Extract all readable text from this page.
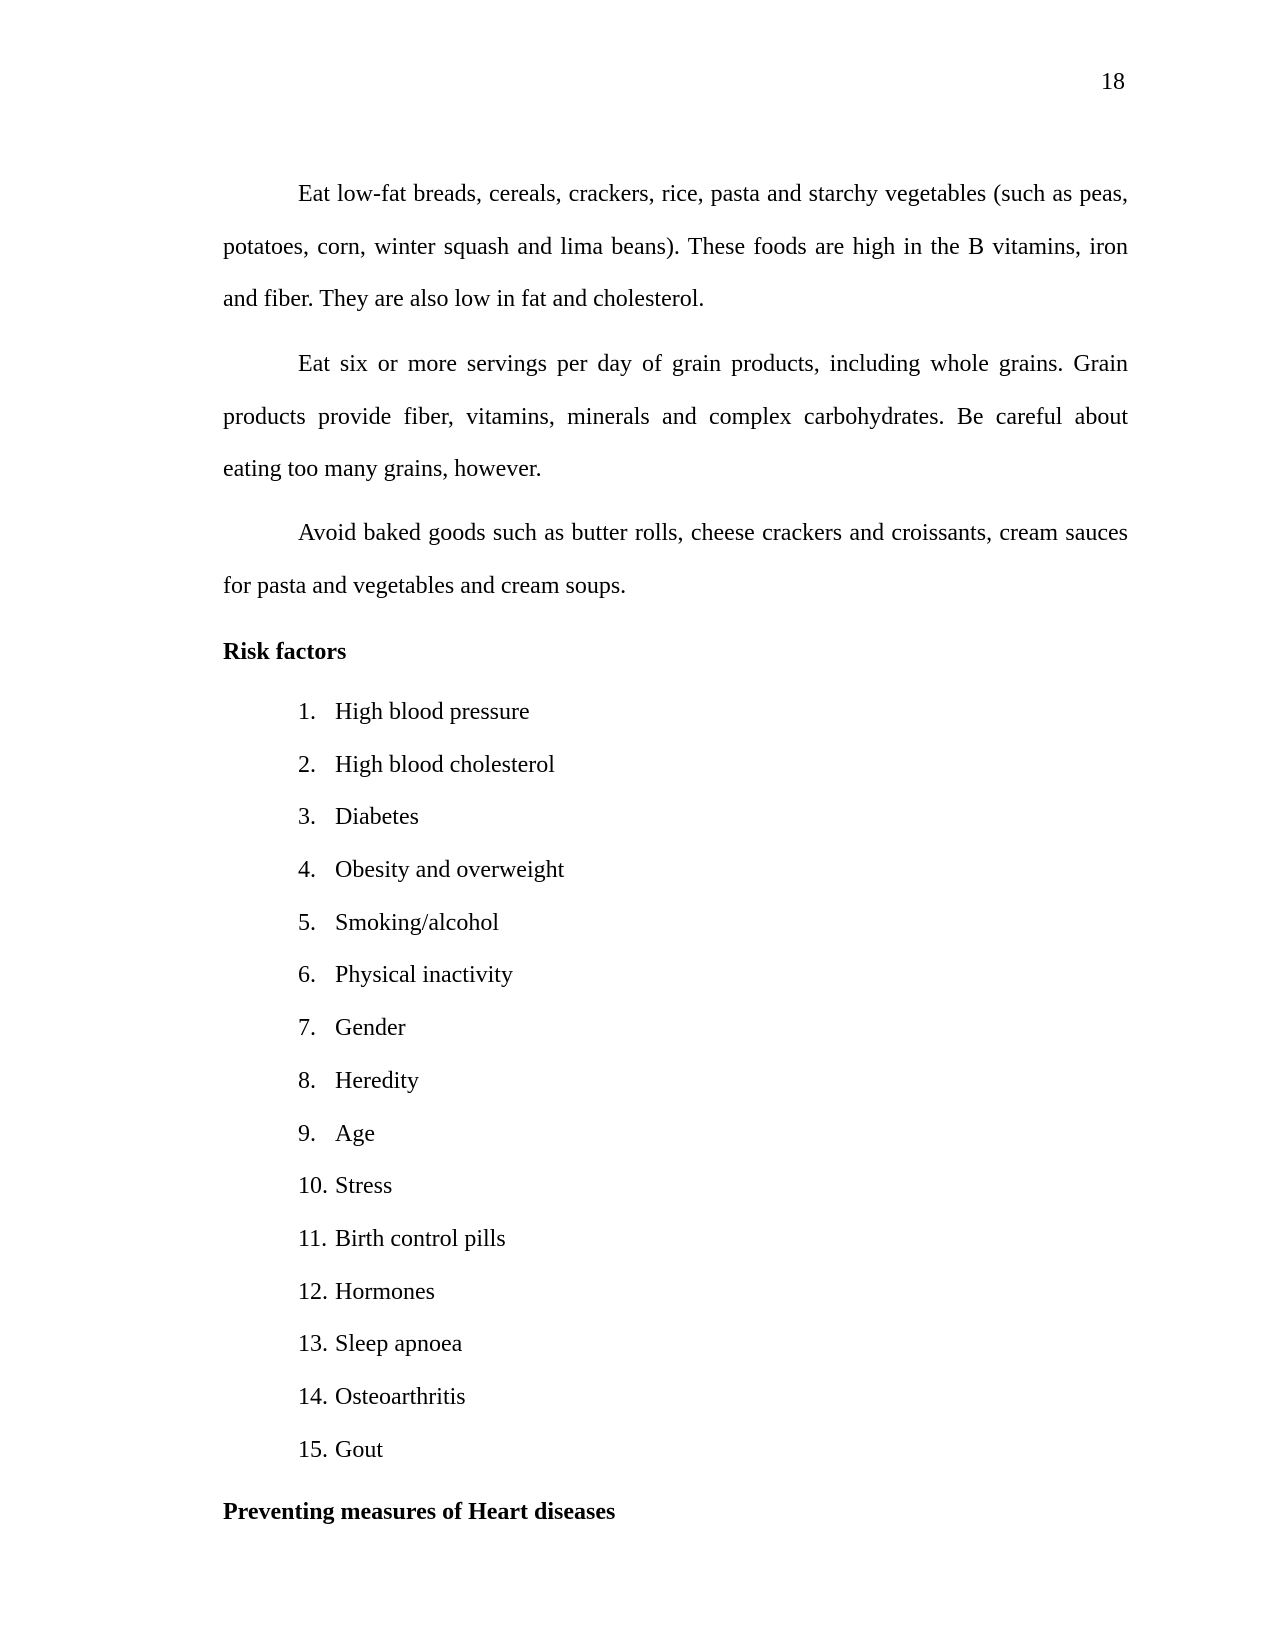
18

Eat low-fat breads, cereals, crackers, rice, pasta and starchy vegetables (such as peas, potatoes, corn, winter squash and lima beans). These foods are high in the B vitamins, iron and fiber. They are also low in fat and cholesterol.

Eat six or more servings per day of grain products, including whole grains. Grain products provide fiber, vitamins, minerals and complex carbohydrates. Be careful about eating too many grains, however.

Avoid baked goods such as butter rolls, cheese crackers and croissants, cream sauces for pasta and vegetables and cream soups.

Risk factors
1. High blood pressure
2. High blood cholesterol
3. Diabetes
4. Obesity and overweight
5. Smoking/alcohol
6. Physical inactivity
7. Gender
8. Heredity
9. Age
10. Stress
11. Birth control pills
12. Hormones
13. Sleep apnoea
14. Osteoarthritis
15. Gout
Preventing measures of Heart diseases
